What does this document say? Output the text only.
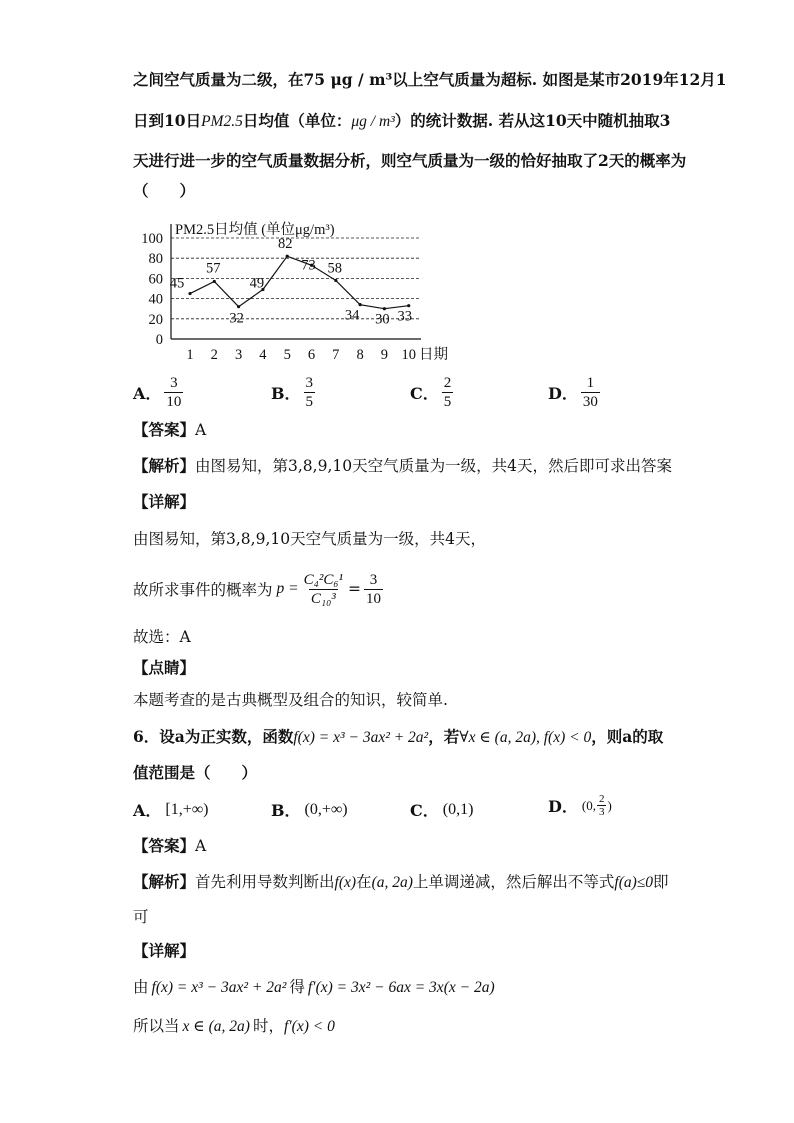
之间空气质量为二级，在75 μg / m³以上空气质量为超标. 如图是某市2019年12月1
日到10日PM2.5日均值（单位：μg / m³）的统计数据. 若从这10天中随机抽取3
天进行进一步的空气质量数据分析，则空气质量为一级的恰好抽取了2天的概率为
（　　）
PM2.5日均值 (单位μg/m³)
0
20
40
60
80
100
1 2 3 4 5 6 7 8 9 10
45
57
32
49
82
73 58
34 30 33
日期
A． $\frac{3}{10}$	B． $\frac{3}{5}$	C． $\frac{2}{5}$	D． $\frac{1}{30}$
【答案】A
【解析】由图易知，第3,8,9,10天空气质量为一级，共4天，然后即可求出答案
【详解】
由图易知，第3,8,9,10天空气质量为一级，共4天，
故所求事件的概率为 $p = \frac{\text{C₄²C₆¹}}{\text{C₁₀³}} = \frac{3}{10}$
故选：A
【点睛】
本题考查的是古典概型及组合的知识，较简单.
6．设a为正实数，函数f(x) = x³ − 3ax² + 2a²，若∀x ∈ (a, 2a), f(x) < 0，则a的取
值范围是（　　）
A． [1,+∞)	B． (0,+∞)	C． (0,1)	D． (0, $\frac{2}{3}$ )
【答案】A
【解析】首先利用导数判断出f(x)在(a, 2a)上单调递减，然后解出不等式f(a)≤0即
可
【详解】
由 f(x) = x³ − 3ax² + 2a² 得 f′(x) = 3x² − 6ax = 3x(x − 2a)
所以当 x ∈ (a, 2a) 时，f′(x) < 0
